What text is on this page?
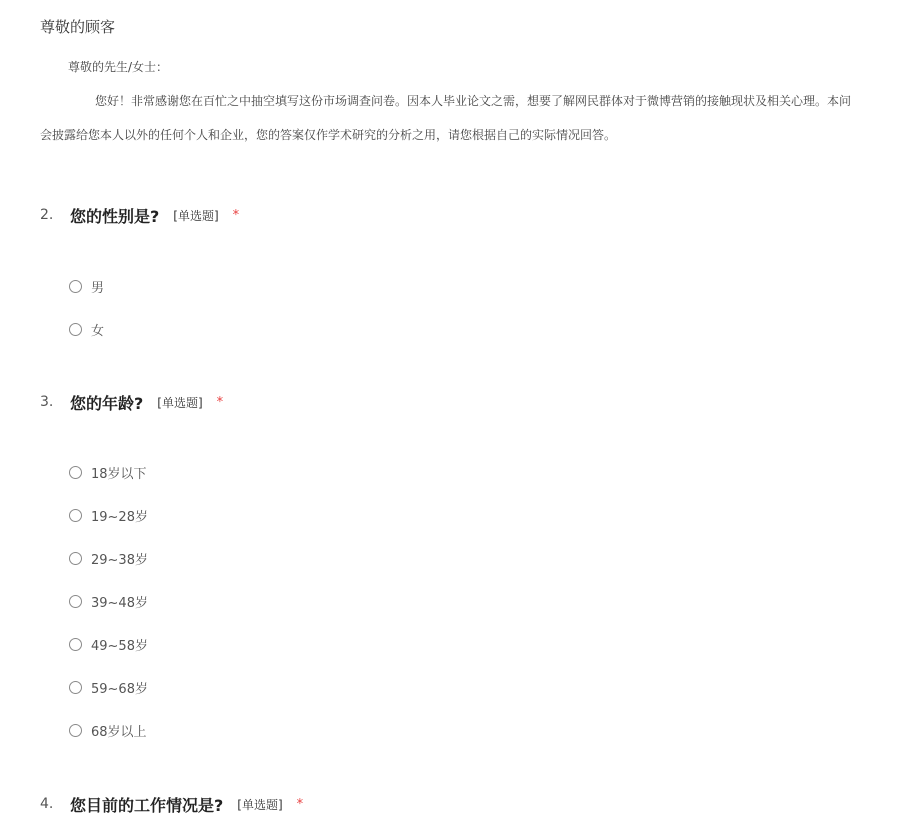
尊敬的顾客
尊敬的先生/女士：
您好！非常感谢您在百忙之中抽空填写这份市场调查问卷。因本人毕业论文之需，想要了解网民群体对于微博营销的接触现状及相关心理。本问
会披露给您本人以外的任何个人和企业，您的答案仅作学术研究的分析之用，请您根据自己的实际情况回答。
2.	您的性别是? [单选题] *
男
女
3.	您的年龄? [单选题] *
18岁以下
19~28岁
29~38岁
39~48岁
49~58岁
59~68岁
68岁以上
4.	您目前的工作情况是? [单选题] *
